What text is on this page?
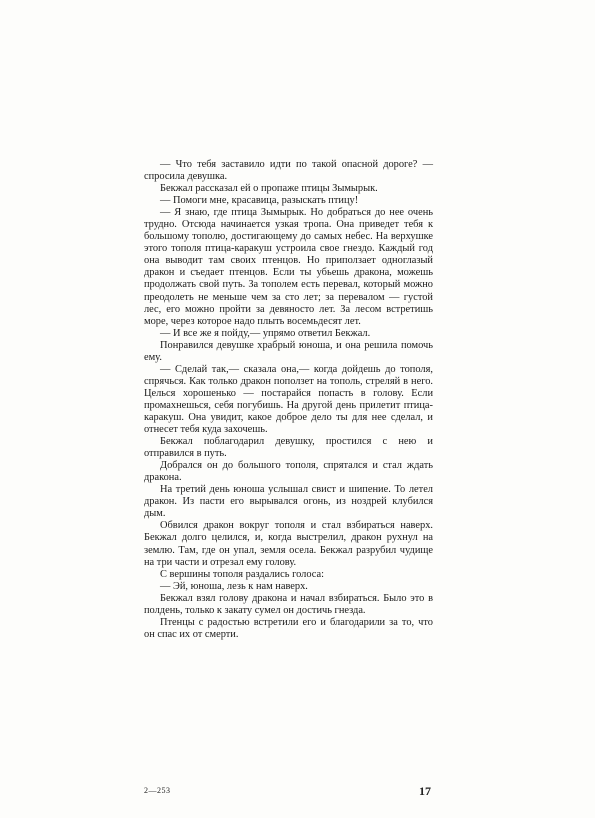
— Что тебя заставило идти по такой опасной дороге? — спросила девушка.

Бекжал рассказал ей о пропаже птицы Зымырык.

— Помоги мне, красавица, разыскать птицу!

— Я знаю, где птица Зымырык. Но добраться до нее очень трудно. Отсюда начинается узкая тропа. Она приведет тебя к большому тополю, достигающему до самых небес. На верхушке этого тополя птица-каракуш устроила свое гнездо. Каждый год она выводит там своих птенцов. Но приползает одноглазый дракон и съедает птенцов. Если ты убьешь дракона, можешь продолжать свой путь. За тополем есть перевал, который можно преодолеть не меньше чем за сто лет; за перевалом — густой лес, его можно пройти за девяносто лет. За лесом встретишь море, через которое надо плыть восемьдесят лет.

— И все же я пойду,— упрямо ответил Бекжал.

Понравился девушке храбрый юноша, и она решила помочь ему.

— Сделай так,— сказала она,— когда дойдешь до тополя, спрячься. Как только дракон поползет на тополь, стреляй в него. Целься хорошенько — постарайся попасть в голову. Если промахнешься, себя погубишь. На другой день прилетит птица-каракуш. Она увидит, какое доброе дело ты для нее сделал, и отнесет тебя куда захочешь.

Бекжал поблагодарил девушку, простился с нею и отправился в путь.

Добрался он до большого тополя, спрятался и стал ждать дракона.

На третий день юноша услышал свист и шипение. То летел дракон. Из пасти его вырывался огонь, из ноздрей клубился дым.

Обвился дракон вокруг тополя и стал взбираться наверх. Бекжал долго целился, и, когда выстрелил, дракон рухнул на землю. Там, где он упал, земля осела. Бекжал разрубил чудище на три части и отрезал ему голову.

С вершины тополя раздались голоса:

— Эй, юноша, лезь к нам наверх.

Бекжал взял голову дракона и начал взбираться. Было это в полдень, только к закату сумел он достичь гнезда.

Птенцы с радостью встретили его и благодарили за то, что он спас их от смерти.

2—253	17
